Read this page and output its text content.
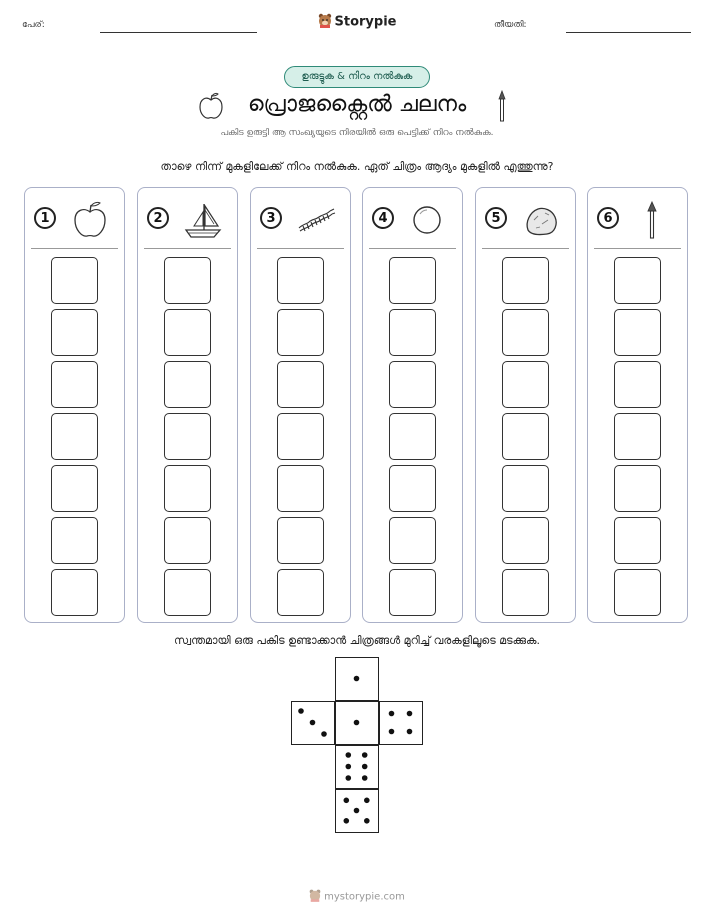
പേര്:	Storypie	തീയതി:
ഉരുട്ടുക & നിറം നൽകുക
പ്രൊജക്റ്റൈൽ ചലനം
പകിട ഉരുട്ടി ആ സംഖ്യയുടെ നിരയിൽ ഒരു പെട്ടിക്ക് നിറം നൽകുക.
താഴെ നിന്ന് മുകളിലേക്ക് നിറം നൽകുക. ഏത് ചിത്രം ആദ്യം മുകളിൽ എത്തുന്നു?
1	2	3	4	5	6
സ്വന്തമായി ഒരു പകിട ഉണ്ടാക്കാൻ ചിത്രങ്ങൾ മുറിച്ച് വരകളിലൂടെ മടക്കുക.
mystorypie.com
